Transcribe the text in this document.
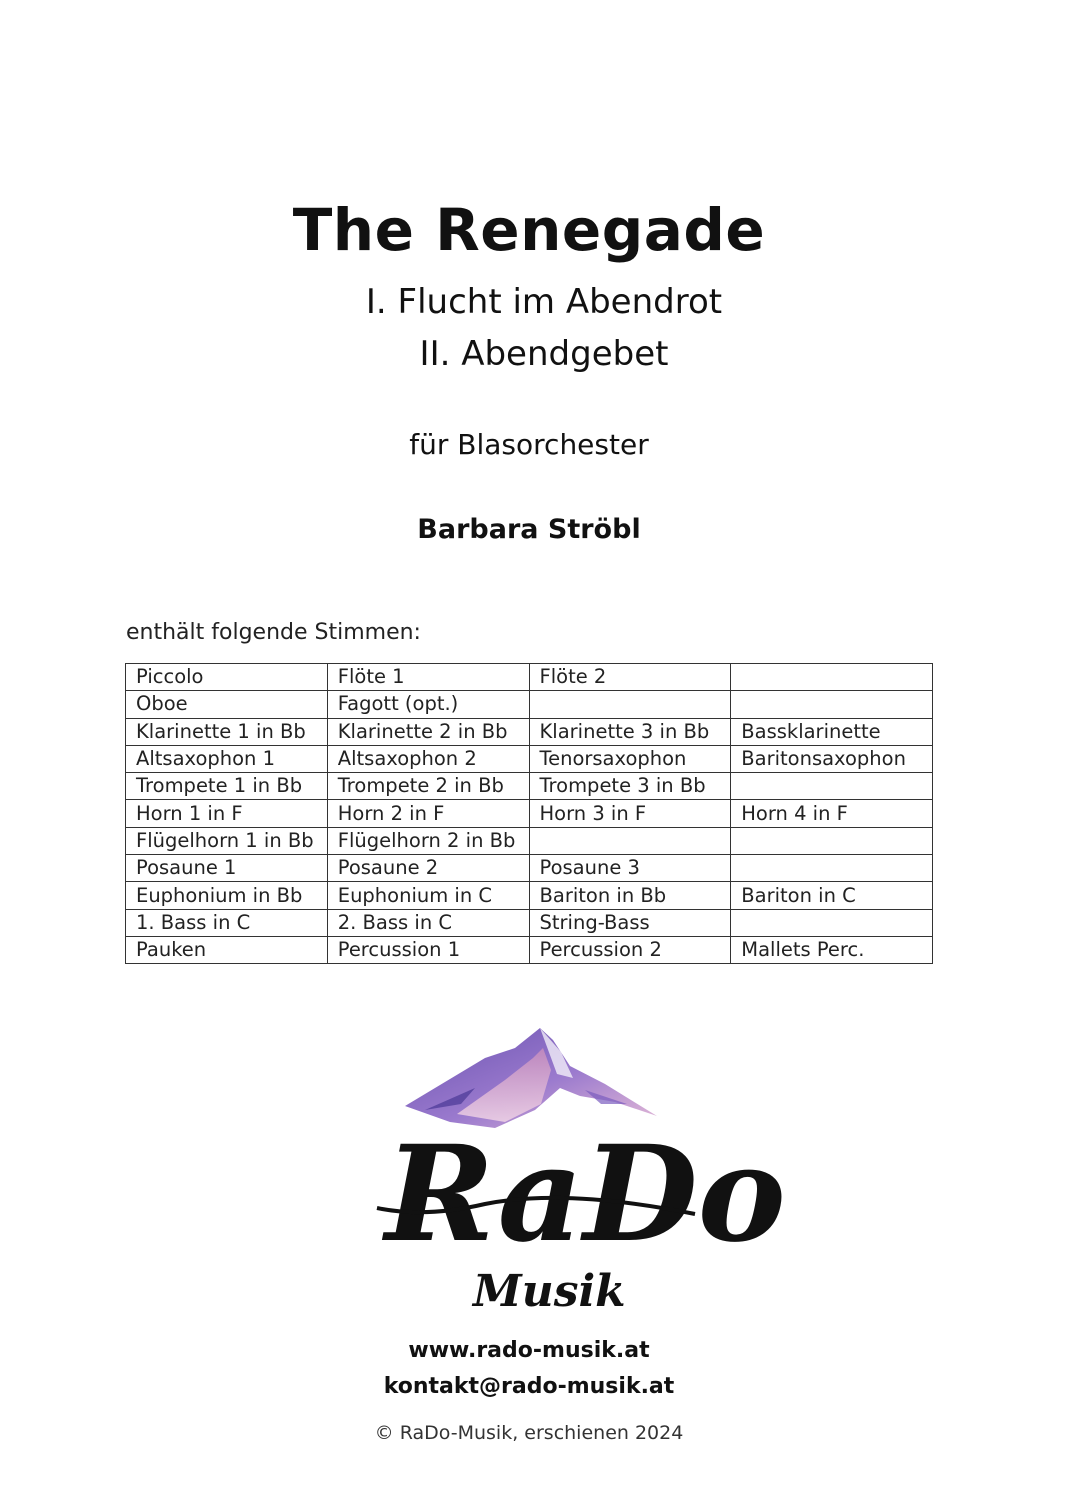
The Renegade
I. Flucht im Abendrot
II. Abendgebet
für Blasorchester
Barbara Ströbl
enthält folgende Stimmen:
Piccolo	Flöte 1	Flöte 2	
Oboe	Fagott (opt.)		
Klarinette 1 in Bb	Klarinette 2 in Bb	Klarinette 3 in Bb	Bassklarinette
Altsaxophon 1	Altsaxophon 2	Tenorsaxophon	Baritonsaxophon
Trompete 1 in Bb	Trompete 2 in Bb	Trompete 3 in Bb	
Horn 1 in F	Horn 2 in F	Horn 3 in F	Horn 4 in F
Flügelhorn 1 in Bb	Flügelhorn 2 in Bb		
Posaune 1	Posaune 2	Posaune 3	
Euphonium in Bb	Euphonium in C	Bariton in Bb	Bariton in C
1. Bass in C	2. Bass in C	String-Bass	
Pauken	Percussion 1	Percussion 2	Mallets Perc.
RaDo
Musik
www.rado-musik.at
kontakt@rado-musik.at
© RaDo-Musik, erschienen 2024
